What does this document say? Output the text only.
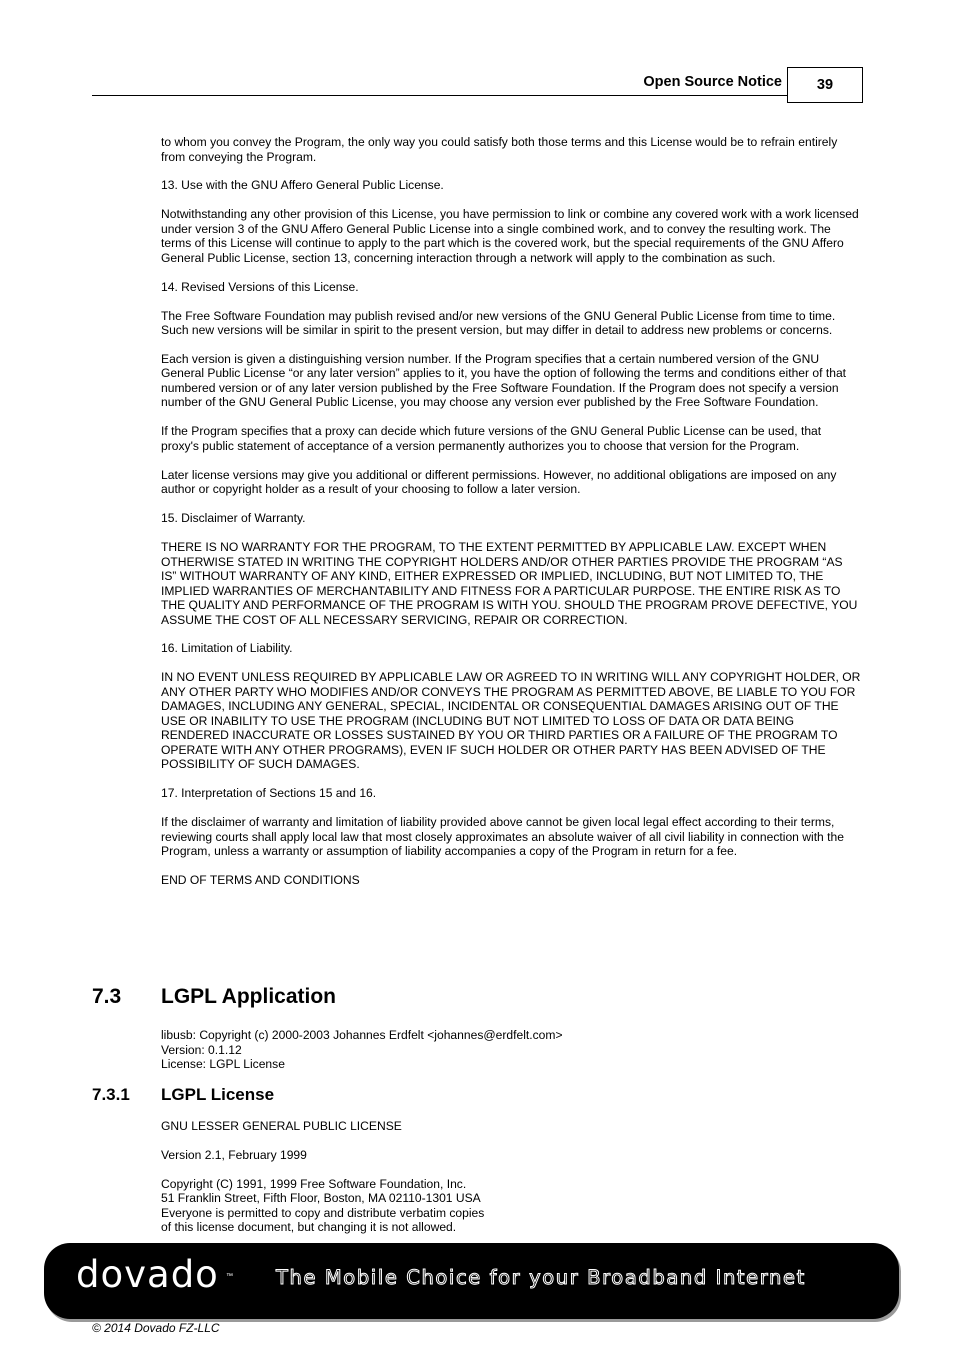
Open Source Notice	39

to whom you convey the Program, the only way you could satisfy both those terms and this License would be to refrain entirely from conveying the Program.

13. Use with the GNU Affero General Public License.

Notwithstanding any other provision of this License, you have permission to link or combine any covered work with a work licensed under version 3 of the GNU Affero General Public License into a single combined work, and to convey the resulting work. The terms of this License will continue to apply to the part which is the covered work, but the special requirements of the GNU Affero General Public License, section 13, concerning interaction through a network will apply to the combination as such.

14. Revised Versions of this License.

The Free Software Foundation may publish revised and/or new versions of the GNU General Public License from time to time. Such new versions will be similar in spirit to the present version, but may differ in detail to address new problems or concerns.

Each version is given a distinguishing version number. If the Program specifies that a certain numbered version of the GNU General Public License “or any later version” applies to it, you have the option of following the terms and conditions either of that numbered version or of any later version published by the Free Software Foundation. If the Program does not specify a version number of the GNU General Public License, you may choose any version ever published by the Free Software Foundation.

If the Program specifies that a proxy can decide which future versions of the GNU General Public License can be used, that proxy's public statement of acceptance of a version permanently authorizes you to choose that version for the Program.

Later license versions may give you additional or different permissions. However, no additional obligations are imposed on any author or copyright holder as a result of your choosing to follow a later version.

15. Disclaimer of Warranty.

THERE IS NO WARRANTY FOR THE PROGRAM, TO THE EXTENT PERMITTED BY APPLICABLE LAW. EXCEPT WHEN OTHERWISE STATED IN WRITING THE COPYRIGHT HOLDERS AND/OR OTHER PARTIES PROVIDE THE PROGRAM “AS IS” WITHOUT WARRANTY OF ANY KIND, EITHER EXPRESSED OR IMPLIED, INCLUDING, BUT NOT LIMITED TO, THE IMPLIED WARRANTIES OF MERCHANTABILITY AND FITNESS FOR A PARTICULAR PURPOSE. THE ENTIRE RISK AS TO THE QUALITY AND PERFORMANCE OF THE PROGRAM IS WITH YOU. SHOULD THE PROGRAM PROVE DEFECTIVE, YOU ASSUME THE COST OF ALL NECESSARY SERVICING, REPAIR OR CORRECTION.

16. Limitation of Liability.

IN NO EVENT UNLESS REQUIRED BY APPLICABLE LAW OR AGREED TO IN WRITING WILL ANY COPYRIGHT HOLDER, OR ANY OTHER PARTY WHO MODIFIES AND/OR CONVEYS THE PROGRAM AS PERMITTED ABOVE, BE LIABLE TO YOU FOR DAMAGES, INCLUDING ANY GENERAL, SPECIAL, INCIDENTAL OR CONSEQUENTIAL DAMAGES ARISING OUT OF THE USE OR INABILITY TO USE THE PROGRAM (INCLUDING BUT NOT LIMITED TO LOSS OF DATA OR DATA BEING RENDERED INACCURATE OR LOSSES SUSTAINED BY YOU OR THIRD PARTIES OR A FAILURE OF THE PROGRAM TO OPERATE WITH ANY OTHER PROGRAMS), EVEN IF SUCH HOLDER OR OTHER PARTY HAS BEEN ADVISED OF THE POSSIBILITY OF SUCH DAMAGES.

17. Interpretation of Sections 15 and 16.

If the disclaimer of warranty and limitation of liability provided above cannot be given local legal effect according to their terms, reviewing courts shall apply local law that most closely approximates an absolute waiver of all civil liability in connection with the Program, unless a warranty or assumption of liability accompanies a copy of the Program in return for a fee.

END OF TERMS AND CONDITIONS

7.3 LGPL Application
libusb: Copyright (c) 2000-2003 Johannes Erdfelt <johannes@erdfelt.com>
Version: 0.1.12
License: LGPL License
7.3.1 LGPL License

GNU LESSER GENERAL PUBLIC LICENSE

Version 2.1, February 1999

Copyright (C) 1991, 1999 Free Software Foundation, Inc.
51 Franklin Street, Fifth Floor, Boston, MA 02110-1301 USA
Everyone is permitted to copy and distribute verbatim copies
of this license document, but changing it is not allowed.
dovado ™ The Mobile Choice for your Broadband Internet
© 2014 Dovado FZ-LLC
